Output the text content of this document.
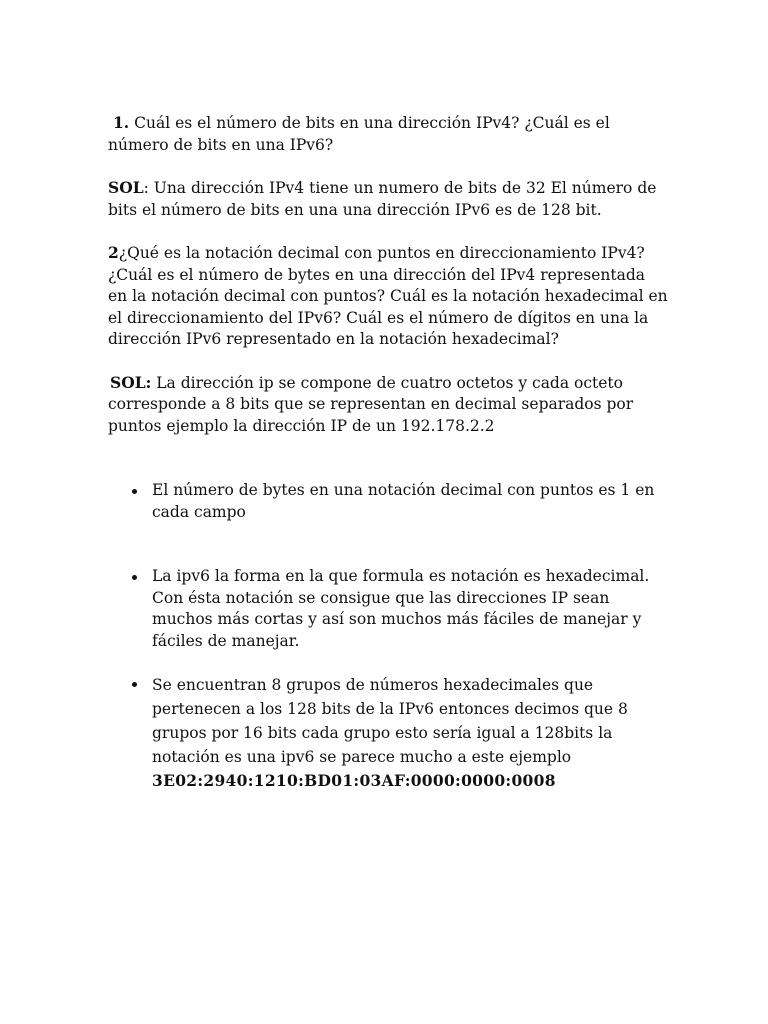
1. Cuál es el número de bits en una dirección IPv4? ¿Cuál es el número de bits en una IPv6?

SOL: Una dirección IPv4 tiene un numero de bits de 32 El número de bits el número de bits en una una dirección IPv6 es de 128 bit.

2¿Qué es la notación decimal con puntos en direccionamiento IPv4? ¿Cuál es el número de bytes en una dirección del IPv4 representada en la notación decimal con puntos? Cuál es la notación hexadecimal en el direccionamiento del IPv6? Cuál es el número de dígitos en una la dirección IPv6 representado en la notación hexadecimal?

SOL: La dirección ip se compone de cuatro octetos y cada octeto corresponde a 8 bits que se representan en decimal separados por puntos ejemplo la dirección IP de un 192.178.2.2

El número de bytes en una notación decimal con puntos es 1 en cada campo
La ipv6 la forma en la que formula es notación es hexadecimal. Con ésta notación se consigue que las direcciones IP sean muchos más cortas y así son muchos más fáciles de manejar y fáciles de manejar.
Se encuentran 8 grupos de números hexadecimales que pertenecen a los 128 bits de la IPv6 entonces decimos que 8 grupos por 16 bits cada grupo esto sería igual a 128bits la notación es una ipv6 se parece mucho a este ejemplo
3E02:2940:1210:BD01:03AF:0000:0000:0008
